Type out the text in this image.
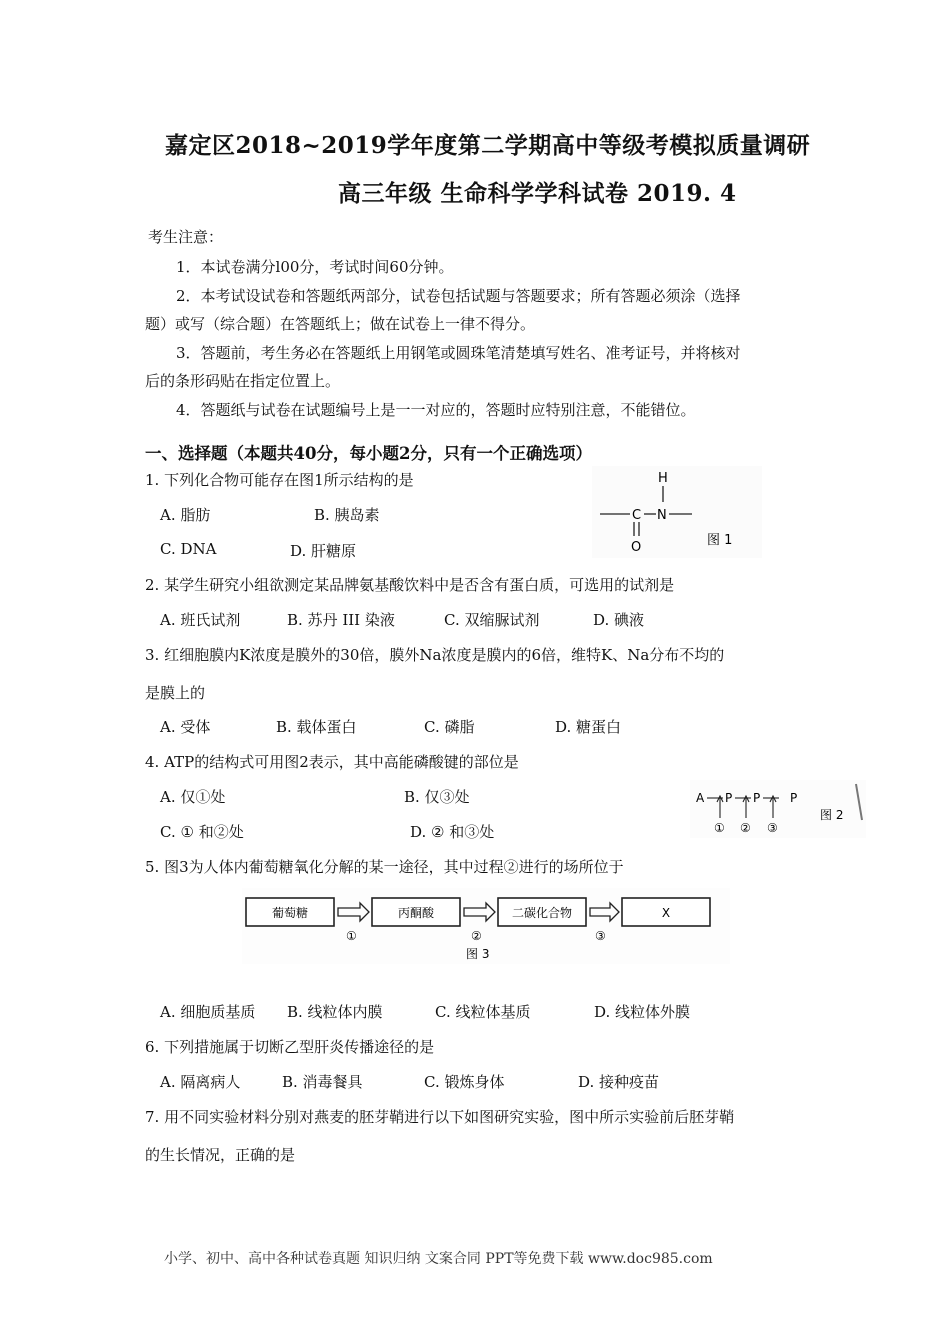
嘉定区2018~2019学年度第二学期高中等级考模拟质量调研
高三年级 生命科学学科试卷 2019. 4
考生注意：
1．本试卷满分l00分，考试时间60分钟。
2．本考试设试卷和答题纸两部分，试卷包括试题与答题要求；所有答题必须涂（选择
题）或写（综合题）在答题纸上；做在试卷上一律不得分。
3．答题前，考生务必在答题纸上用钢笔或圆珠笔清楚填写姓名、准考证号，并将核对
后的条形码贴在指定位置上。
4．答题纸与试卷在试题编号上是一一对应的，答题时应特别注意，不能错位。
一、选择题（本题共40分，每小题2分，只有一个正确选项）
1. 下列化合物可能存在图1所示结构的是
A. 脂肪	B. 胰岛素
C. DNA	D. 肝糖原
H
C N
O	图 1
2. 某学生研究小组欲测定某品牌氨基酸饮料中是否含有蛋白质，可选用的试剂是
A. 班氏试剂	B. 苏丹 III 染液	C. 双缩脲试剂	D. 碘液
3. 红细胞膜内K浓度是膜外的30倍，膜外Na浓度是膜内的6倍，维特K、Na分布不均的
是膜上的
A. 受体	B. 载体蛋白	C. 磷脂	D. 糖蛋白
4. ATP的结构式可用图2表示，其中高能磷酸键的部位是
A. 仅①处	B. 仅③处
C. ① 和②处	D. ② 和③处
A P P P
① ② ③
图 2
5. 图3为人体内葡萄糖氧化分解的某一途径，其中过程②进行的场所位于
葡萄糖	丙酮酸	二碳化合物	X
①	②	③
图 3
A. 细胞质基质 B. 线粒体内膜	C. 线粒体基质	D. 线粒体外膜
6. 下列措施属于切断乙型肝炎传播途径的是
A. 隔离病人	B. 消毒餐具	C. 锻炼身体	D. 接种疫苗
7. 用不同实验材料分别对燕麦的胚芽鞘进行以下如图研究实验，图中所示实验前后胚芽鞘
的生长情况，正确的是
小学、初中、高中各种试卷真题 知识归纳 文案合同 PPT等免费下载 www.doc985.com
